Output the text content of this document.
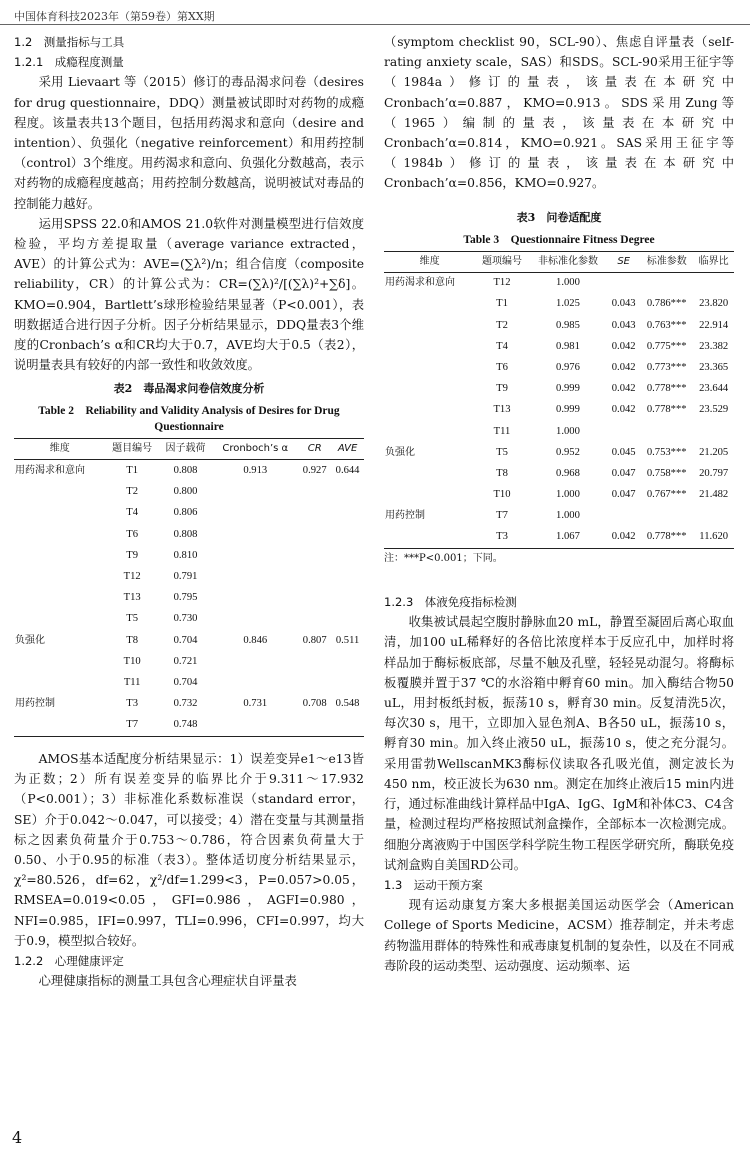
中国体育科技2023年（第59卷）第XX期
1.2　测量指标与工具
1.2.1　成瘾程度测量

采用 Lievaart 等（2015）修订的毒品渴求问卷（desires for drug questionnaire，DDQ）测量被试即时对药物的成瘾程度。该量表共13个题目，包括用药渴求和意向（desire and intention）、负强化（negative reinforcement）和用药控制（control）3个维度。用药渴求和意向、负强化分数越高，表示对药物的成瘾程度越高；用药控制分数越高，说明被试对毒品的控制能力越好。

运用SPSS 22.0和AMOS 21.0软件对测量模型进行信效度检验，平均方差提取量（average variance extracted，AVE）的计算公式为：AVE=(∑λ²)/n；组合信度（composite reliability，CR）的计算公式为：CR=(∑λ)²/[(∑λ)²+∑δ]。KMO=0.904，Bartlett’s球形检验结果显著（P<0.001），表明数据适合进行因子分析。因子分析结果显示，DDQ量表3个维度的Cronbach’s α和CR均大于0.7，AVE均大于0.5（表2），说明量表具有较好的内部一致性和收敛效度。

表2　毒品渴求问卷信效度分析
Table 2　Reliability and Validity Analysis of Desires for Drug Questionnaire
维度	题目编号	因子载荷	Cronboch’s α	CR	AVE
用药渴求和意向	T1	0.808	0.913	0.927	0.644
	T2	0.800			
	T4	0.806			
	T6	0.808			
	T9	0.810			
	T12	0.791			
负强化	T13	0.795	0.846	0.807	0.511
	T5	0.730			
	T8	0.704			
	T10	0.721			
	T11	0.704			
用药控制	T3	0.732	0.731	0.708	0.548
	T7	0.748			

AMOS基本适配度分析结果显示：1）误差变异e1～e13皆为正数；2）所有误差变异的临界比介于9.311～17.932（P<0.001）；3）非标准化系数标准误（standard error，SE）介于0.042～0.047，可以接受；4）潜在变量与其测量指标之因素负荷量介于0.753～0.786，符合因素负荷量大于0.50、小于0.95的标准（表3）。整体适切度分析结果显示，χ²=80.526，df=62，χ²/df=1.299<3，P=0.057>0.05，RMSEA=0.019<0.05，GFI=0.986，AGFI=0.980，NFI=0.985，IFI=0.997，TLI=0.996，CFI=0.997，均大于0.9，模型拟合较好。

1.2.2　心理健康评定

心理健康指标的测量工具包含心理症状自评量表

（symptom checklist 90，SCL-90）、焦虑自评量表（self-rating anxiety scale，SAS）和SDS。SCL-90采用王征宇等（1984a）修订的量表，该量表在本研究中Cronbach’α=0.887，KMO=0.913。SDS采用Zung等（1965）编制的量表，该量表在本研究中Cronbach’α=0.814，KMO=0.921。SAS采用王征宇等（1984b）修订的量表，该量表在本研究中Cronbach’α=0.856，KMO=0.927。

表3　问卷适配度
Table 3　Questionnaire Fitness Degree
维度	题项编号	非标准化参数	SE	标准参数	临界比
用药渴求和意向	T12	1.000			
	T1	1.025	0.043	0.786***	23.820
	T2	0.985	0.043	0.763***	22.914
	T4	0.981	0.042	0.775***	23.382
	T6	0.976	0.042	0.773***	23.365
	T9	0.999	0.042	0.778***	23.644
负强化	T13	0.999	0.042	0.778***	23.529
	T11	1.000			
	T5	0.952	0.045	0.753***	21.205
	T8	0.968	0.047	0.758***	20.797
	T10	1.000	0.047	0.767***	21.482
用药控制	T7	1.000			
	T3	1.067	0.042	0.778***	11.620
注：***P<0.001；下同。
1.2.3　体液免疫指标检测

收集被试晨起空腹肘静脉血20 mL，静置至凝固后离心取血清，加100 uL稀释好的各倍比浓度样本于反应孔中，加样时将样品加于酶标板底部，尽量不触及孔壁，轻轻晃动混匀。将酶标板覆膜并置于37 ℃的水浴箱中孵育60 min。加入酶结合物50 uL，用封板纸封板，振荡10 s，孵育30 min。反复清洗5次，每次30 s，甩干，立即加入显色剂A、B各50 uL，振荡10 s，孵育30 min。加入终止液50 uL，振荡10 s，使之充分混匀。采用雷勃WellscanMK3酶标仪读取各孔吸光值，测定波长为450 nm，校正波长为630 nm。测定在加终止液后15 min内进行，通过标准曲线计算样品中IgA、IgG、IgM和补体C3、C4含量，检测过程均严格按照试剂盒操作，全部标本一次检测完成。细胞分离液购于中国医学科学院生物工程医学研究所，酶联免疫试剂盒购自美国RD公司。

1.3　运动干预方案

现有运动康复方案大多根据美国运动医学会（American College of Sports Medicine，ACSM）推荐制定，并未考虑药物滥用群体的特殊性和戒毒康复机制的复杂性，以及在不同戒毒阶段的运动类型、运动强度、运动频率、运

4
